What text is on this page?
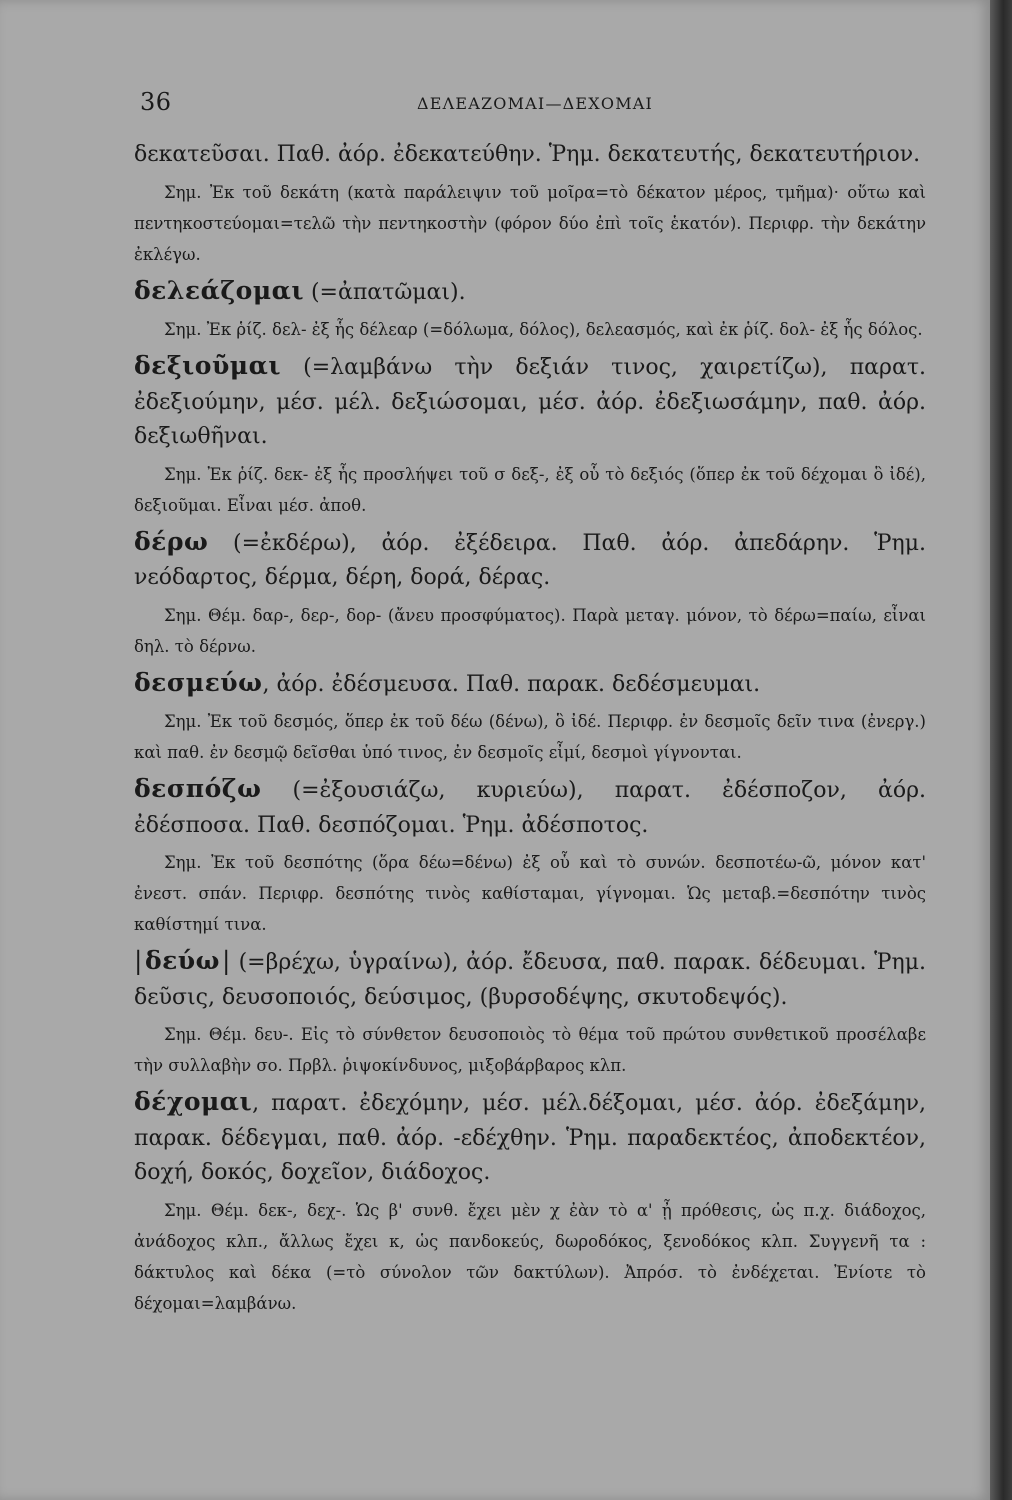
36	ΔΕΛΕΑΖΟΜΑΙ—ΔΕΧΟΜΑΙ
δεκατεῦσαι. Παθ. ἀόρ. ἐδεκατεύθην. Ῥημ. δεκατευτής, δεκατευτήριον.
Σημ. Ἐκ τοῦ δεκάτη (κατὰ παράλειψιν τοῦ μοῖρα=τὸ δέκατον μέρος, τμῆμα)· οὕτω καὶ πεντηκοστεύομαι=τελῶ τὴν πεντηκοστὴν (φόρον δύο ἐπὶ τοῖς ἑκατόν). Περιφρ. τὴν δεκάτην ἐκλέγω.
δελεάζομαι (=ἀπατῶμαι).
Σημ. Ἐκ ῥίζ. δελ- ἐξ ἧς δέλεαρ (=δόλωμα, δόλος), δελεασμός, καὶ ἐκ ῥίζ. δολ- ἐξ ἧς δόλος.
δεξιοῦμαι (=λαμβάνω τὴν δεξιάν τινος, χαιρετίζω), παρατ. ἐδεξιούμην, μέσ. μέλ. δεξιώσομαι, μέσ. ἀόρ. ἐδεξιωσάμην, παθ. ἀόρ. δεξιωθῆναι.
Σημ. Ἐκ ῥίζ. δεκ- ἐξ ἧς προσλήψει τοῦ σ δεξ-, ἐξ οὗ τὸ δεξιός (ὅπερ ἐκ τοῦ δέχομαι ὃ ἰδέ), δεξιοῦμαι. Εἶναι μέσ. ἀποθ.
δέρω (=ἐκδέρω), ἀόρ. ἐξέδειρα. Παθ. ἀόρ. ἀπεδάρην. Ῥημ. νεόδαρτος, δέρμα, δέρη, δορά, δέρας.
Σημ. Θέμ. δαρ-, δερ-, δορ- (ἄνευ προσφύματος). Παρὰ μεταγ. μόνον, τὸ δέρω=παίω, εἶναι δηλ. τὸ δέρνω.
δεσμεύω, ἀόρ. ἐδέσμευσα. Παθ. παρακ. δεδέσμευμαι.
Σημ. Ἐκ τοῦ δεσμός, ὅπερ ἐκ τοῦ δέω (δένω), ὃ ἰδέ. Περιφρ. ἐν δεσμοῖς δεῖν τινα (ἐνεργ.) καὶ παθ. ἐν δεσμῷ δεῖσθαι ὑπό τινος, ἐν δεσμοῖς εἶμί, δεσμοὶ γίγνονται.
δεσπόζω (=ἐξουσιάζω, κυριεύω), παρατ. ἐδέσποζον, ἀόρ. ἐδέσποσα. Παθ. δεσπόζομαι. Ῥημ. ἀδέσποτος.
Σημ. Ἐκ τοῦ δεσπότης (ὅρα δέω=δένω) ἐξ οὗ καὶ τὸ συνών. δεσποτέω-ῶ, μόνον κατ' ἐνεστ. σπάν. Περιφρ. δεσπότης τινὸς καθίσταμαι, γίγνομαι. Ὡς μεταβ.=δεσπότην τινὸς καθίστημί τινα.
| δεύω | (=βρέχω, ὑγραίνω), ἀόρ. ἔδευσα, παθ. παρακ. δέδευμαι. Ῥημ. δεῦσις, δευσοποιός, δεύσιμος, (βυρσοδέψης, σκυτοδεψός).
Σημ. Θέμ. δευ-. Εἰς τὸ σύνθετον δευσοποιὸς τὸ θέμα τοῦ πρώτου συνθετικοῦ προσέλαβε τὴν συλλαβὴν σο. Πρβλ. ῥιψοκίνδυνος, μιξοβάρβαρος κλπ.
δέχομαι, παρατ. ἐδεχόμην, μέσ. μέλ.δέξομαι, μέσ. ἀόρ. ἐδεξάμην, παρακ. δέδεγμαι, παθ. ἀόρ. -εδέχθην. Ῥημ. παραδεκτέος, ἀποδεκτέον, δοχή, δοκός, δοχεῖον, διάδοχος.
Σημ. Θέμ. δεκ-, δεχ-. Ὡς β' συνθ. ἔχει μὲν χ ἐὰν τὸ α' ᾖ πρόθεσις, ὡς π.χ. διάδοχος, ἀνάδοχος κλπ., ἄλλως ἔχει κ, ὡς πανδοκεύς, δωροδόκος, ξενοδόκος κλπ. Συγγενῆ τα : δάκτυλος καὶ δέκα (=τὸ σύνολον τῶν δακτύλων). Ἀπρόσ. τὸ ἐνδέχεται. Ἐνίοτε τὸ δέχομαι=λαμβάνω.
